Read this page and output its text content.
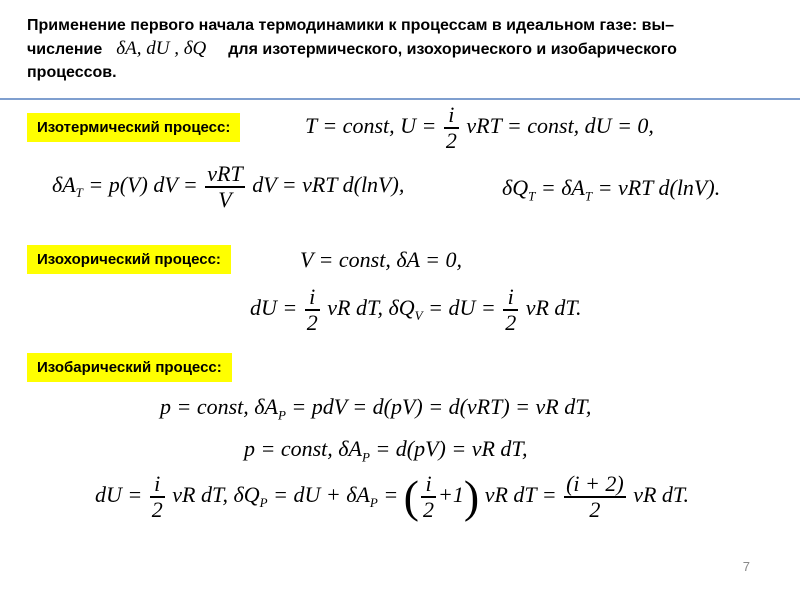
Применение первого начала термодинамики к процессам в идеальном газе: вы–
числение δA, dU , δQ для изотермического, изохорического и изобарического
процессов.
Изотермический процесс:	T = const, $U = \frac{i}{2}$ νRT = const, dU = 0,
$\delta A_T = p(V)$ dV = $\frac{\text{νRT}}{V}$ dV = νRT d(lnV),	$\delta Q_T = \delta A_T = \nu RT$ d(lnV).
Изохорический процесс:	V = const, δA = 0,
dU = $\frac{i}{2}$ νR dT, $\delta Q_V$ = dU = $\frac{i}{2}$ νR dT.
Изобарический процесс:
p = const, $\delta A_P$ = pdV = d(pV) = d(νRT) = νR dT,
p = const, $\delta A_P = d(pV) = \nu R$ dT,
dU = $\frac{i}{2}$ νR dT, $\delta Q_P$ = dU + $\delta A_P$ = ( $\frac{i}{2} +1$) νR dT = $\frac{(i + 2)}{2}$ νR dT.
7
